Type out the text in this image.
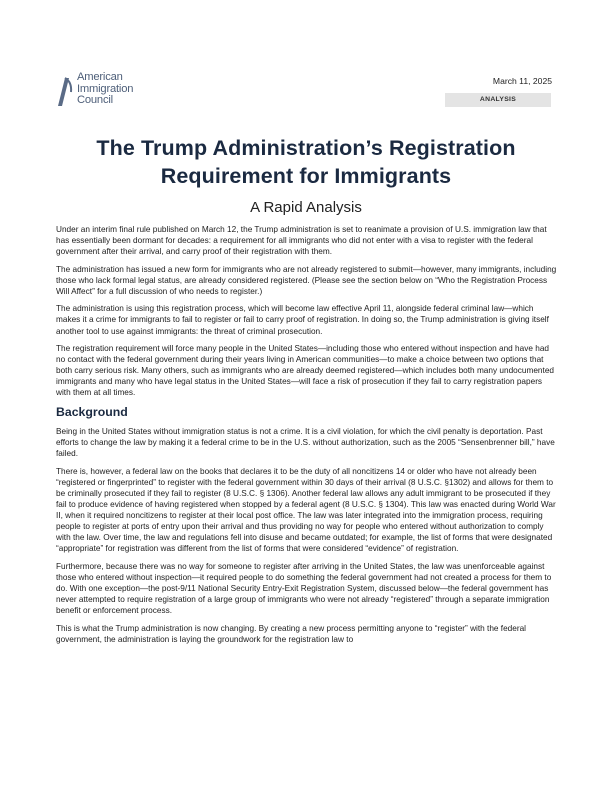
American
Immigration
Council
March 11, 2025
ANALYSIS
The Trump Administration’s Registration
Requirement for Immigrants
A Rapid Analysis

Under an interim final rule published on March 12, the Trump administration is set to reanimate a provision of U.S. immigration law that has essentially been dormant for decades: a requirement for all immigrants who did not enter with a visa to register with the federal government after their arrival, and carry proof of their registration with them.

The administration has issued a new form for immigrants who are not already registered to submit—however, many immigrants, including those who lack formal legal status, are already considered registered. (Please see the section below on “Who the Registration Process Will Affect” for a full discussion of who needs to register.)

The administration is using this registration process, which will become law effective April 11, alongside federal criminal law—which makes it a crime for immigrants to fail to register or fail to carry proof of registration. In doing so, the Trump administration is giving itself another tool to use against immigrants: the threat of criminal prosecution.

The registration requirement will force many people in the United States—including those who entered without inspection and have had no contact with the federal government during their years living in American communities—to make a choice between two options that both carry serious risk. Many others, such as immigrants who are already deemed registered—which includes both many undocumented immigrants and many who have legal status in the United States—will face a risk of prosecution if they fail to carry registration papers with them at all times.

Background

Being in the United States without immigration status is not a crime. It is a civil violation, for which the civil penalty is deportation. Past efforts to change the law by making it a federal crime to be in the U.S. without authorization, such as the 2005 “Sensenbrenner bill,” have failed.

There is, however, a federal law on the books that declares it to be the duty of all noncitizens 14 or older who have not already been “registered or fingerprinted” to register with the federal government within 30 days of their arrival (8 U.S.C. §1302) and allows for them to be criminally prosecuted if they fail to register (8 U.S.C. § 1306). Another federal law allows any adult immigrant to be prosecuted if they fail to produce evidence of having registered when stopped by a federal agent (8 U.S.C. § 1304). This law was enacted during World War II, when it required noncitizens to register at their local post office. The law was later integrated into the immigration process, requiring people to register at ports of entry upon their arrival and thus providing no way for people who entered without authorization to comply with the law. Over time, the law and regulations fell into disuse and became outdated; for example, the list of forms that were designated “appropriate” for registration was different from the list of forms that were considered “evidence” of registration.

Furthermore, because there was no way for someone to register after arriving in the United States, the law was unenforceable against those who entered without inspection—it required people to do something the federal government had not created a process for them to do. With one exception—the post-9/11 National Security Entry-Exit Registration System, discussed below—the federal government has never attempted to require registration of a large group of immigrants who were not already “registered” through a separate immigration benefit or enforcement process.

This is what the Trump administration is now changing. By creating a new process permitting anyone to “register” with the federal government, the administration is laying the groundwork for the registration law to
